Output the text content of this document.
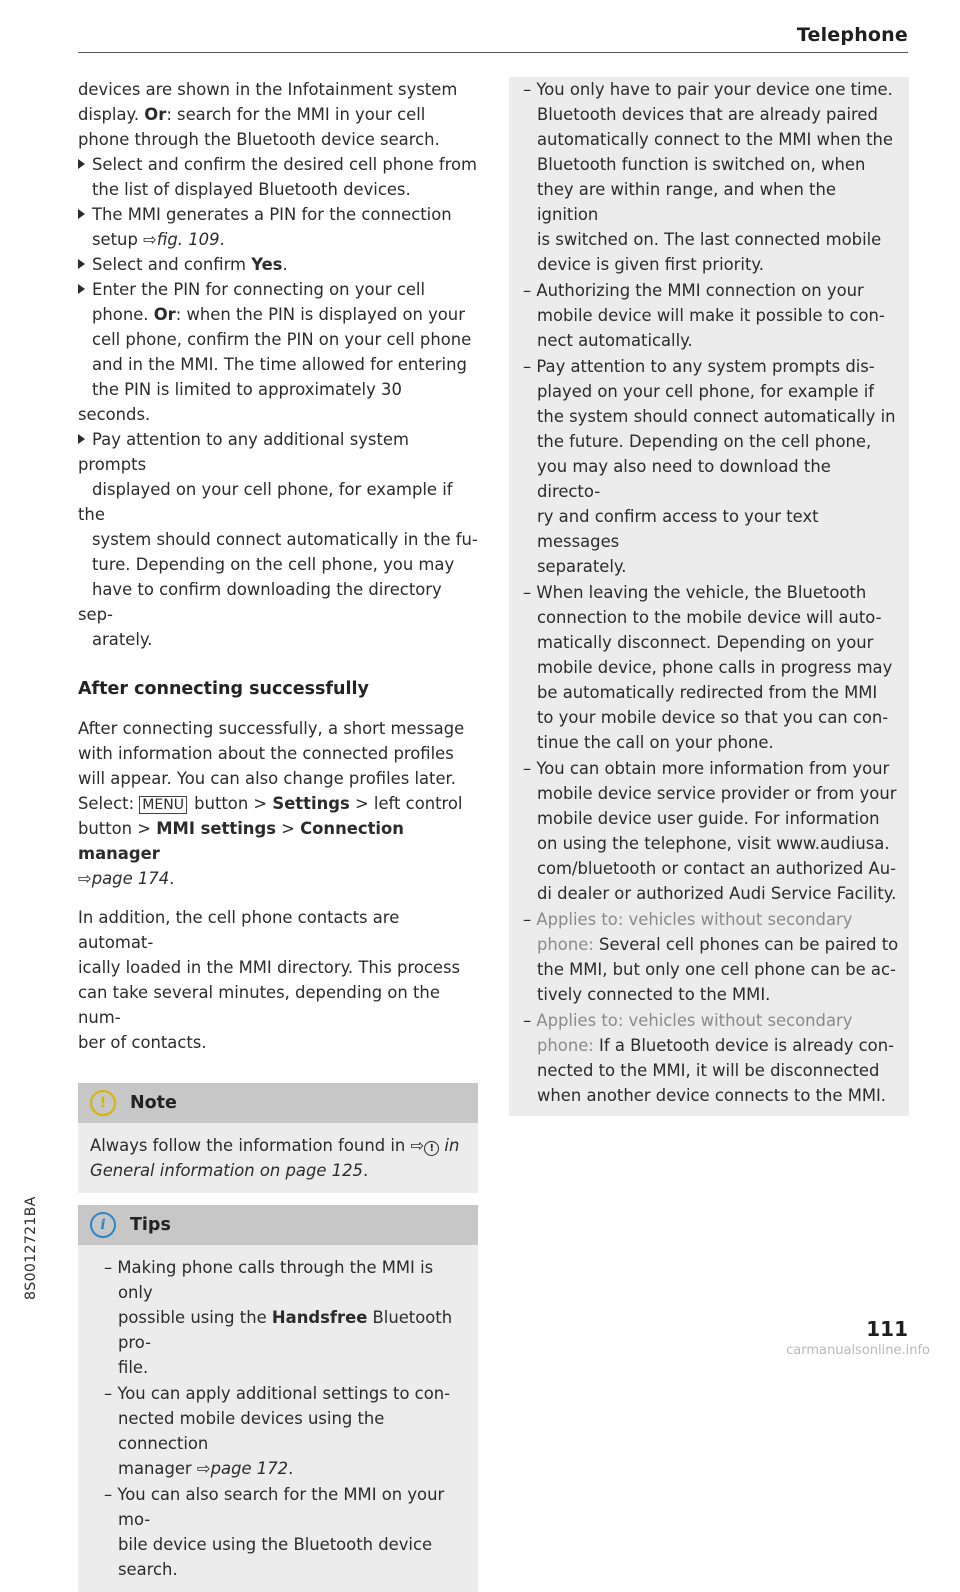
Telephone
8S0012721BA

devices are shown in the Infotainment system
display. Or: search for the MMI in your cell
phone through the Bluetooth device search.

Select and confirm the desired cell phone from
the list of displayed Bluetooth devices.

The MMI generates a PIN for the connection
setup ⇨fig. 109.

Select and confirm Yes.

Enter the PIN for connecting on your cell
phone. Or: when the PIN is displayed on your
cell phone, confirm the PIN on your cell phone
and in the MMI. The time allowed for entering
the PIN is limited to approximately 30 seconds.

Pay attention to any additional system prompts
displayed on your cell phone, for example if the
system should connect automatically in the fu-
ture. Depending on the cell phone, you may
have to confirm downloading the directory sep-
arately.

After connecting successfully

After connecting successfully, a short message
with information about the connected profiles
will appear. You can also change profiles later.
Select: MENU button > Settings > left control
button > MMI settings > Connection manager
⇨page 174.

In addition, the cell phone contacts are automat-
ically loaded in the MMI directory. This process
can take several minutes, depending on the num-
ber of contacts.

!	Note

Always follow the information found in ⇨ ! in
General information on page 125.

i	Tips

– Making phone calls through the MMI is only
possible using the Handsfree Bluetooth pro-
file.

– You can apply additional settings to con-
nected mobile devices using the connection
manager ⇨page 172.

– You can also search for the MMI on your mo-
bile device using the Bluetooth device
search.

– You only have to pair your device one time.
Bluetooth devices that are already paired
automatically connect to the MMI when the
Bluetooth function is switched on, when
they are within range, and when the ignition
is switched on. The last connected mobile
device is given first priority.

– Authorizing the MMI connection on your
mobile device will make it possible to con-
nect automatically.

– Pay attention to any system prompts dis-
played on your cell phone, for example if
the system should connect automatically in
the future. Depending on the cell phone,
you may also need to download the directo-
ry and confirm access to your text messages
separately.

– When leaving the vehicle, the Bluetooth
connection to the mobile device will auto-
matically disconnect. Depending on your
mobile device, phone calls in progress may
be automatically redirected from the MMI
to your mobile device so that you can con-
tinue the call on your phone.

– You can obtain more information from your
mobile device service provider or from your
mobile device user guide. For information
on using the telephone, visit www.audiusa.
com/bluetooth or contact an authorized Au-
di dealer or authorized Audi Service Facility.

– Applies to: vehicles without secondary
phone: Several cell phones can be paired to
the MMI, but only one cell phone can be ac-
tively connected to the MMI.

– Applies to: vehicles without secondary
phone: If a Bluetooth device is already con-
nected to the MMI, it will be disconnected
when another device connects to the MMI.

111
carmanualsonline.info
